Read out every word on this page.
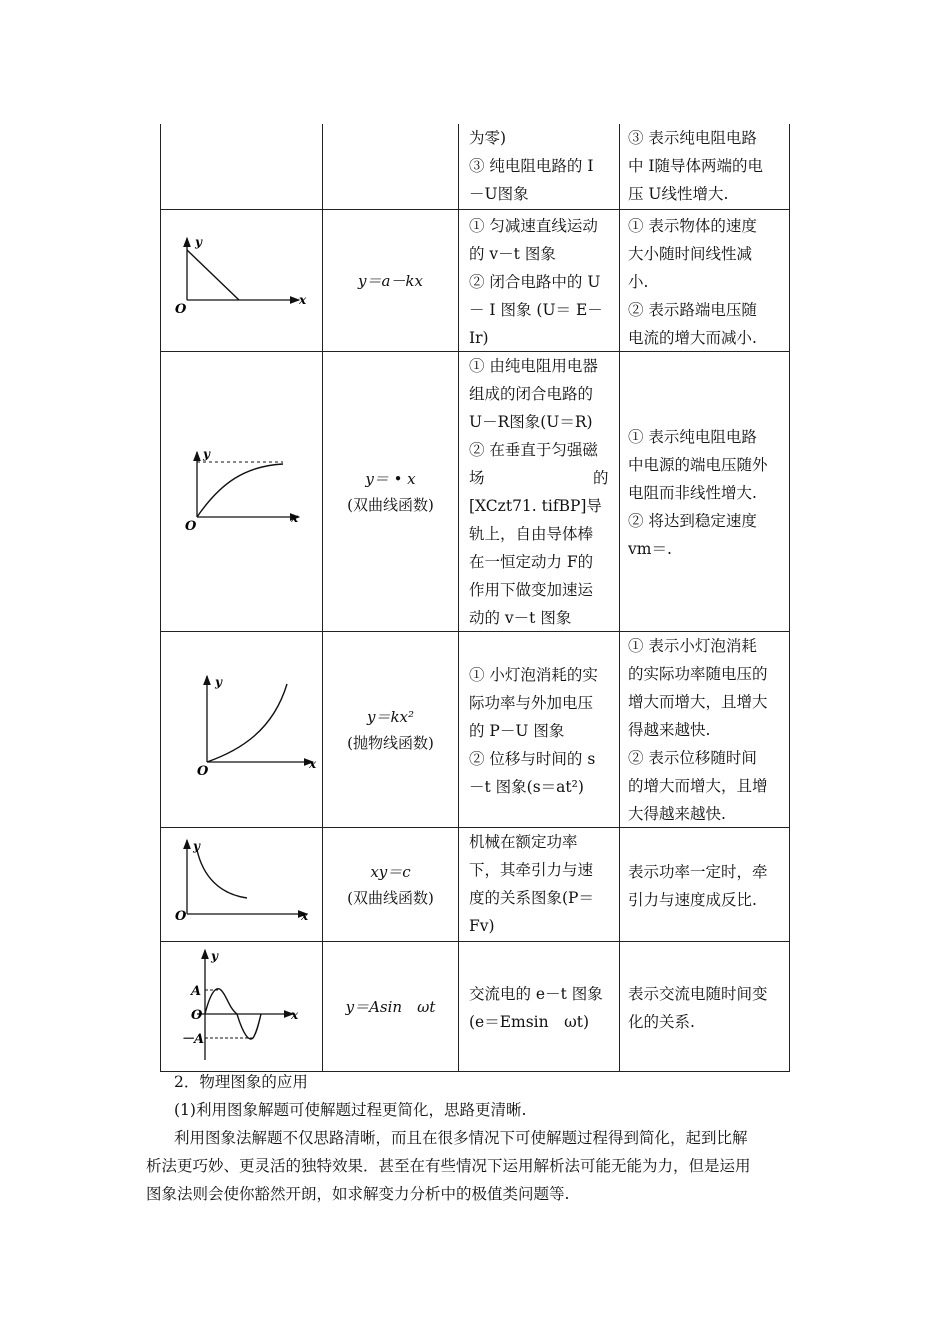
为零)
③ 纯电阻电路的 I
－U图象
③ 表示纯电阻电路
中 I随导体两端的电
压 U线性增大.
y
x
O
y＝a－kx
① 匀减速直线运动
的 v－t 图象
② 闭合电路中的 U
－ I 图象 (U＝ E－
Ir)
① 表示物体的速度
大小随时间线性减
小.
② 表示路端电压随
电流的增大而减小.
y
x
O
y＝ • x
(双曲线函数)
① 由纯电阻用电器
组成的闭合电路的
U－R图象(U＝R)
② 在垂直于匀强磁
场　　　　　　　的
[XCzt71. tifBP]导
轨上，自由导体棒
在一恒定动力 F的
作用下做变加速运
动的 v－t 图象
① 表示纯电阻电路
中电源的端电压随外
电阻而非线性增大.
② 将达到稳定速度
vm＝.
y
x
O
y＝kx²
(抛物线函数)
① 小灯泡消耗的实
际功率与外加电压
的 P－U 图象
② 位移与时间的 s
－t 图象(s＝at²)
① 表示小灯泡消耗
的实际功率随电压的
增大而增大，且增大
得越来越快.
② 表示位移随时间
的增大而增大，且增
大得越来越快.
y
x
O
xy＝c
(双曲线函数)
机械在额定功率
下，其牵引力与速
度的关系图象(P＝
Fv)
表示功率一定时，牵
引力与速度成反比.
y
x
O
A
－A
y＝Asin　ωt
交流电的 e－t 图象
(e＝Emsin　ωt)
表示交流电随时间变
化的关系.
2．物理图象的应用
(1)利用图象解题可使解题过程更简化，思路更清晰.
利用图象法解题不仅思路清晰，而且在很多情况下可使解题过程得到简化，起到比解
析法更巧妙、更灵活的独特效果．甚至在有些情况下运用解析法可能无能为力，但是运用
图象法则会使你豁然开朗，如求解变力分析中的极值类问题等.
